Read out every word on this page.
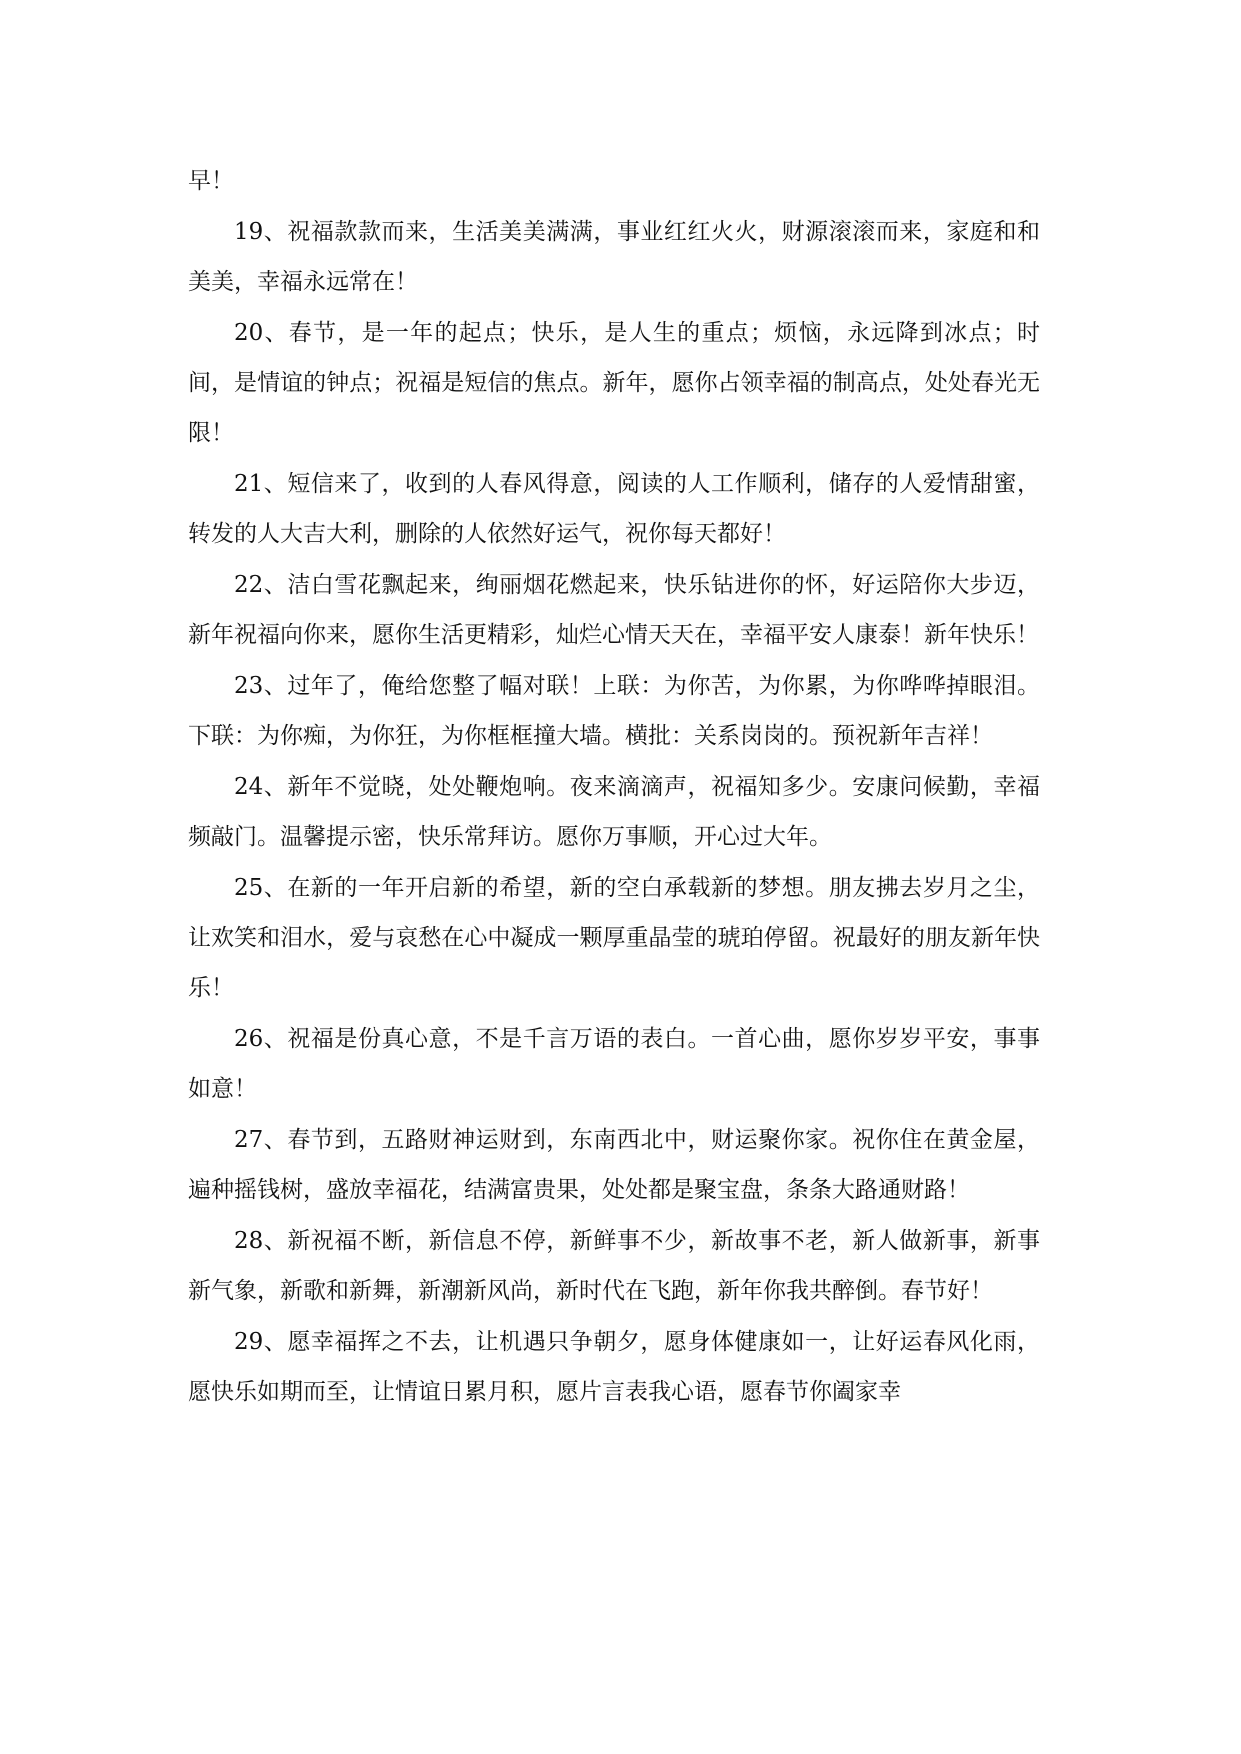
早！

19、祝福款款而来，生活美美满满，事业红红火火，财源滚滚而来，家庭和和美美，幸福永远常在！

20、春节，是一年的起点；快乐，是人生的重点；烦恼，永远降到冰点；时间，是情谊的钟点；祝福是短信的焦点。新年，愿你占领幸福的制高点，处处春光无限！

21、短信来了，收到的人春风得意，阅读的人工作顺利，储存的人爱情甜蜜，转发的人大吉大利，删除的人依然好运气，祝你每天都好！

22、洁白雪花飘起来，绚丽烟花燃起来，快乐钻进你的怀，好运陪你大步迈，新年祝福向你来，愿你生活更精彩，灿烂心情天天在，幸福平安人康泰！新年快乐！

23、过年了，俺给您整了幅对联！上联：为你苦，为你累，为你哗哗掉眼泪。下联：为你痴，为你狂，为你框框撞大墙。横批：关系岗岗的。预祝新年吉祥！

24、新年不觉晓，处处鞭炮响。夜来滴滴声，祝福知多少。安康问候勤，幸福频敲门。温馨提示密，快乐常拜访。愿你万事顺，开心过大年。

25、在新的一年开启新的希望，新的空白承载新的梦想。朋友拂去岁月之尘，让欢笑和泪水，爱与哀愁在心中凝成一颗厚重晶莹的琥珀停留。祝最好的朋友新年快乐！

26、祝福是份真心意，不是千言万语的表白。一首心曲，愿你岁岁平安，事事如意！

27、春节到，五路财神运财到，东南西北中，财运聚你家。祝你住在黄金屋，遍种摇钱树，盛放幸福花，结满富贵果，处处都是聚宝盘，条条大路通财路！

28、新祝福不断，新信息不停，新鲜事不少，新故事不老，新人做新事，新事新气象，新歌和新舞，新潮新风尚，新时代在飞跑，新年你我共醉倒。春节好！

29、愿幸福挥之不去，让机遇只争朝夕，愿身体健康如一，让好运春风化雨，愿快乐如期而至，让情谊日累月积，愿片言表我心语，愿春节你阖家幸
